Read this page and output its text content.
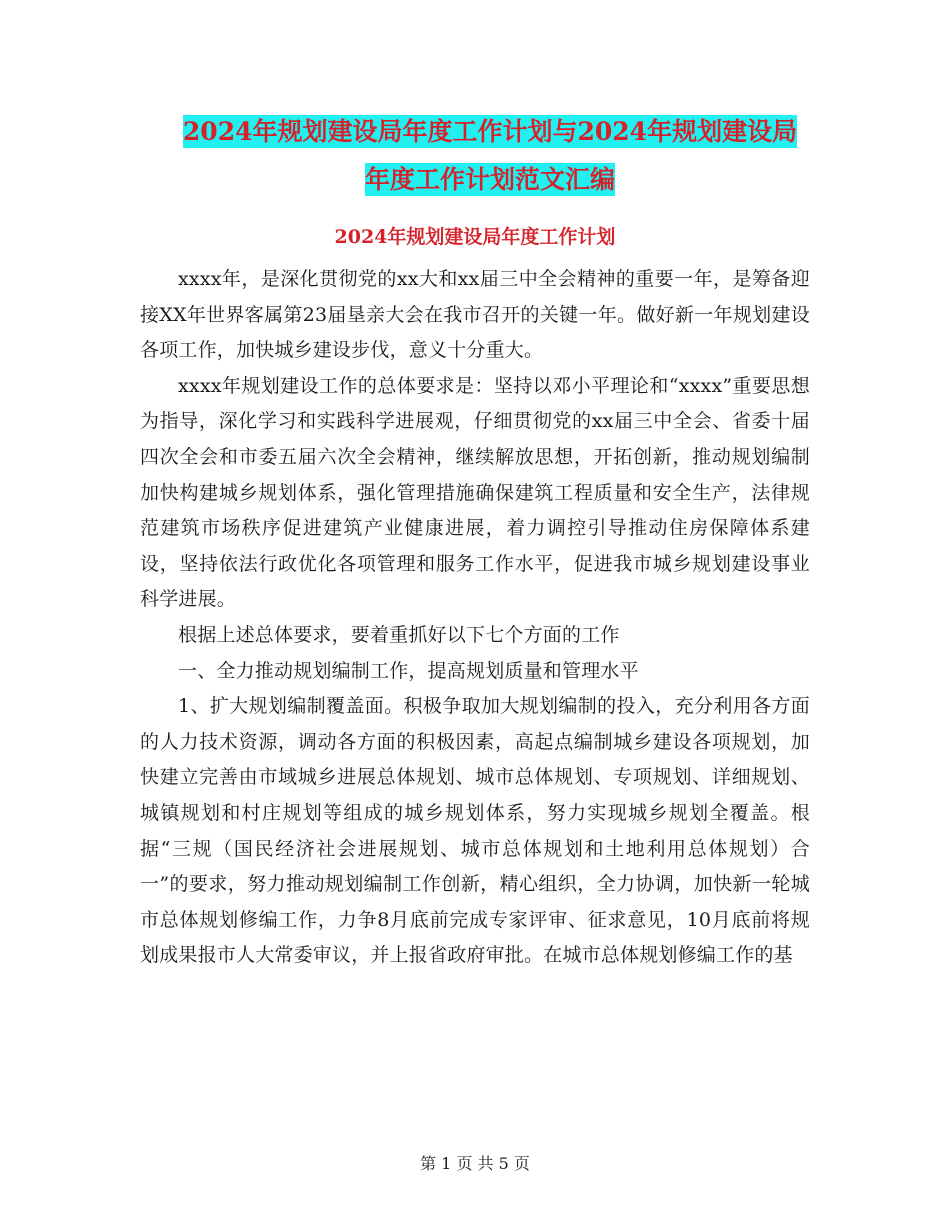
2024年规划建设局年度工作计划与2024年规划建设局
年度工作计划范文汇编
2024年规划建设局年度工作计划

xxxx年，是深化贯彻党的xx大和xx届三中全会精神的重要一年，是筹备迎接XX年世界客属第23届垦亲大会在我市召开的关键一年。做好新一年规划建设各项工作，加快城乡建设步伐，意义十分重大。

xxxx年规划建设工作的总体要求是：坚持以邓小平理论和“xxxx”重要思想为指导，深化学习和实践科学进展观，仔细贯彻党的xx届三中全会、省委十届四次全会和市委五届六次全会精神，继续解放思想，开拓创新，推动规划编制加快构建城乡规划体系，强化管理措施确保建筑工程质量和安全生产，法律规范建筑市场秩序促进建筑产业健康进展，着力调控引导推动住房保障体系建设，坚持依法行政优化各项管理和服务工作水平，促进我市城乡规划建设事业科学进展。

根据上述总体要求，要着重抓好以下七个方面的工作

一、全力推动规划编制工作，提高规划质量和管理水平

1、扩大规划编制覆盖面。积极争取加大规划编制的投入，充分利用各方面的人力技术资源，调动各方面的积极因素，高起点编制城乡建设各项规划，加快建立完善由市域城乡进展总体规划、城市总体规划、专项规划、详细规划、城镇规划和村庄规划等组成的城乡规划体系，努力实现城乡规划全覆盖。根据“三规（国民经济社会进展规划、城市总体规划和土地利用总体规划）合一”的要求，努力推动规划编制工作创新，精心组织，全力协调，加快新一轮城市总体规划修编工作，力争8月底前完成专家评审、征求意见，10月底前将规划成果报市人大常委审议，并上报省政府审批。在城市总体规划修编工作的基

第 1 页 共 5 页
